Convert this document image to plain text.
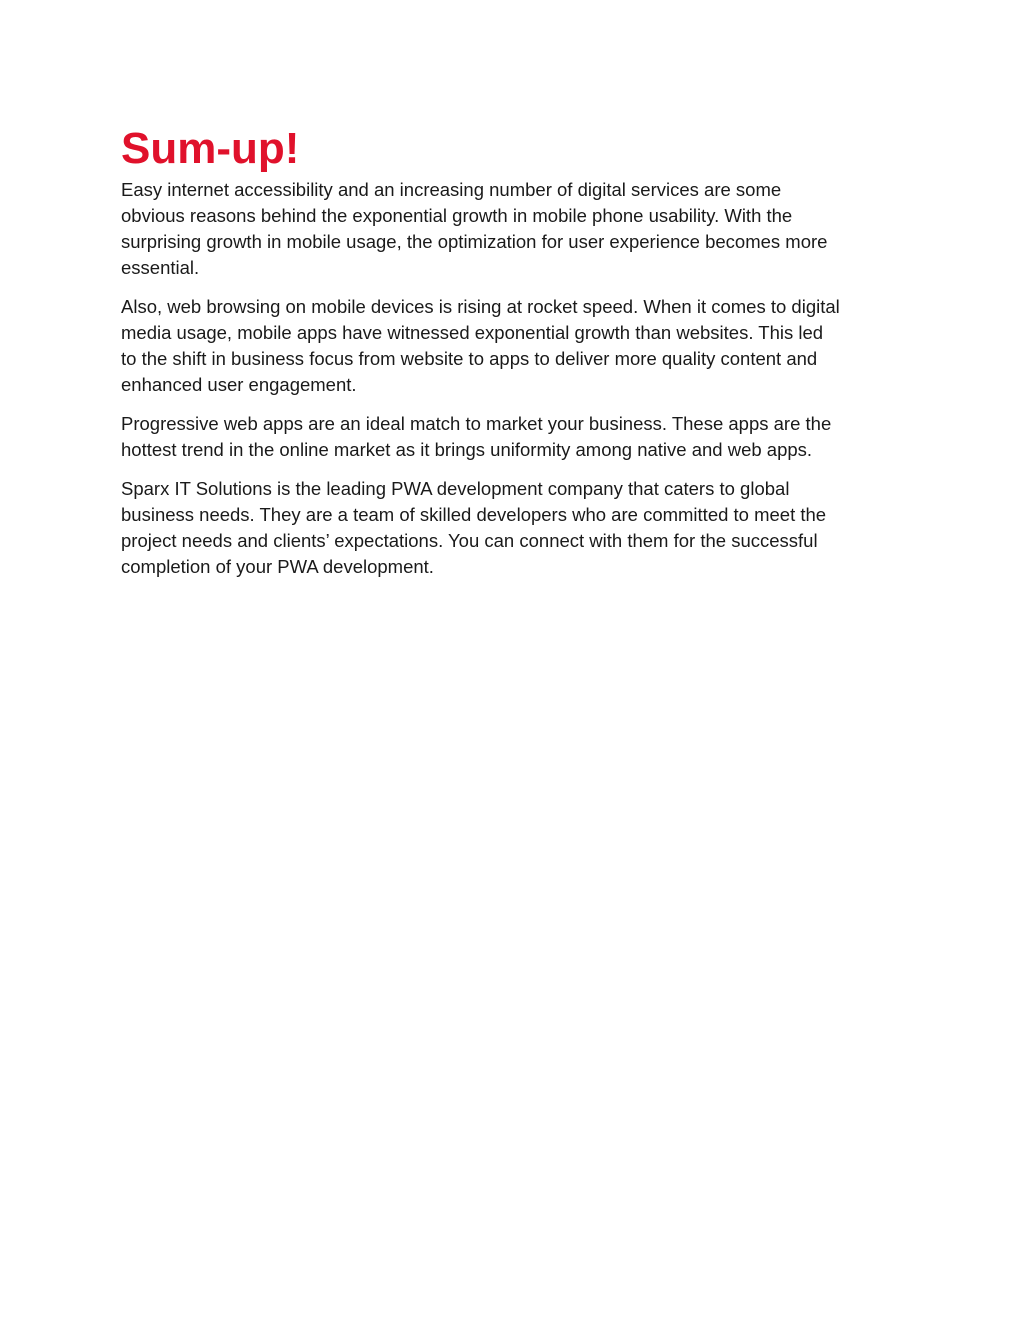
Sum-up!

Easy internet accessibility and an increasing number of digital services are some
obvious reasons behind the exponential growth in mobile phone usability. With the
surprising growth in mobile usage, the optimization for user experience becomes more
essential.

Also, web browsing on mobile devices is rising at rocket speed. When it comes to digital
media usage, mobile apps have witnessed exponential growth than websites. This led
to the shift in business focus from website to apps to deliver more quality content and
enhanced user engagement.

Progressive web apps are an ideal match to market your business. These apps are the
hottest trend in the online market as it brings uniformity among native and web apps.

Sparx IT Solutions is the leading PWA development company that caters to global
business needs. They are a team of skilled developers who are committed to meet the
project needs and clients’ expectations. You can connect with them for the successful
completion of your PWA development.
